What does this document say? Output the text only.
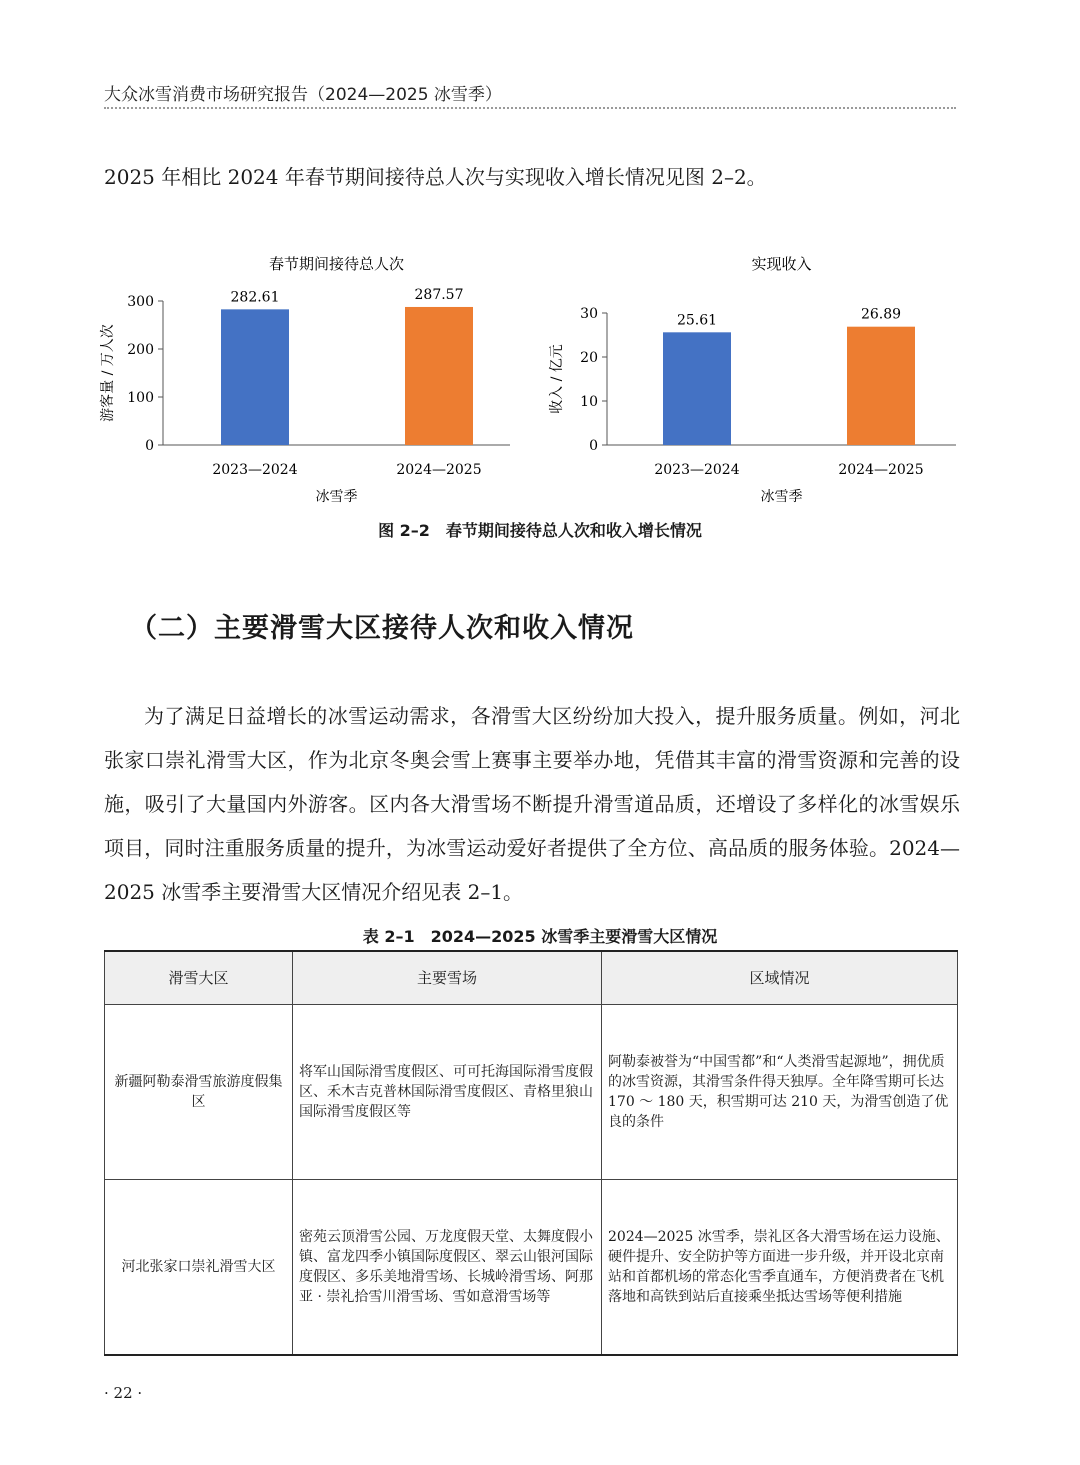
大众冰雪消费市场研究报告（2024—2025 冰雪季）
2025 年相比 2024 年春节期间接待总人次与实现收入增长情况见图 2–2。
春节期间接待总人次
0
100
200
300
游客量 / 万人次
282.61
2023—2024
287.57
2024—2025
冰雪季
实现收入
0
10
20
30
收入 / 亿元
25.61
2023—2024
26.89
2024—2025
冰雪季
图 2–2　春节期间接待总人次和收入增长情况
（二）主要滑雪大区接待人次和收入情况

为了满足日益增长的冰雪运动需求，各滑雪大区纷纷加大投入，提升服务质量。例如，河北张家口崇礼滑雪大区，作为北京冬奥会雪上赛事主要举办地，凭借其丰富的滑雪资源和完善的设施，吸引了大量国内外游客。区内各大滑雪场不断提升滑雪道品质，还增设了多样化的冰雪娱乐项目，同时注重服务质量的提升，为冰雪运动爱好者提供了全方位、高品质的服务体验。2024—2025 冰雪季主要滑雪大区情况介绍见表 2–1。

表 2–1　2024—2025 冰雪季主要滑雪大区情况
滑雪大区	主要雪场	区域情况
新疆阿勒泰滑雪旅游度假集区	将军山国际滑雪度假区、可可托海国际滑雪度假区、禾木吉克普林国际滑雪度假区、青格里狼山国际滑雪度假区等	阿勒泰被誉为“中国雪都”和“人类滑雪起源地”，拥优质的冰雪资源，其滑雪条件得天独厚。全年降雪期可长达 170 ～ 180 天，积雪期可达 210 天，为滑雪创造了优良的条件
河北张家口崇礼滑雪大区	密苑云顶滑雪公园、万龙度假天堂、太舞度假小镇、富龙四季小镇国际度假区、翠云山银河国际度假区、多乐美地滑雪场、长城岭滑雪场、阿那亚 · 崇礼拾雪川滑雪场、雪如意滑雪场等	2024—2025 冰雪季，崇礼区各大滑雪场在运力设施、硬件提升、安全防护等方面进一步升级，并开设北京南站和首都机场的常态化雪季直通车，方便消费者在飞机落地和高铁到站后直接乘坐抵达雪场等便利措施
· 22 ·
